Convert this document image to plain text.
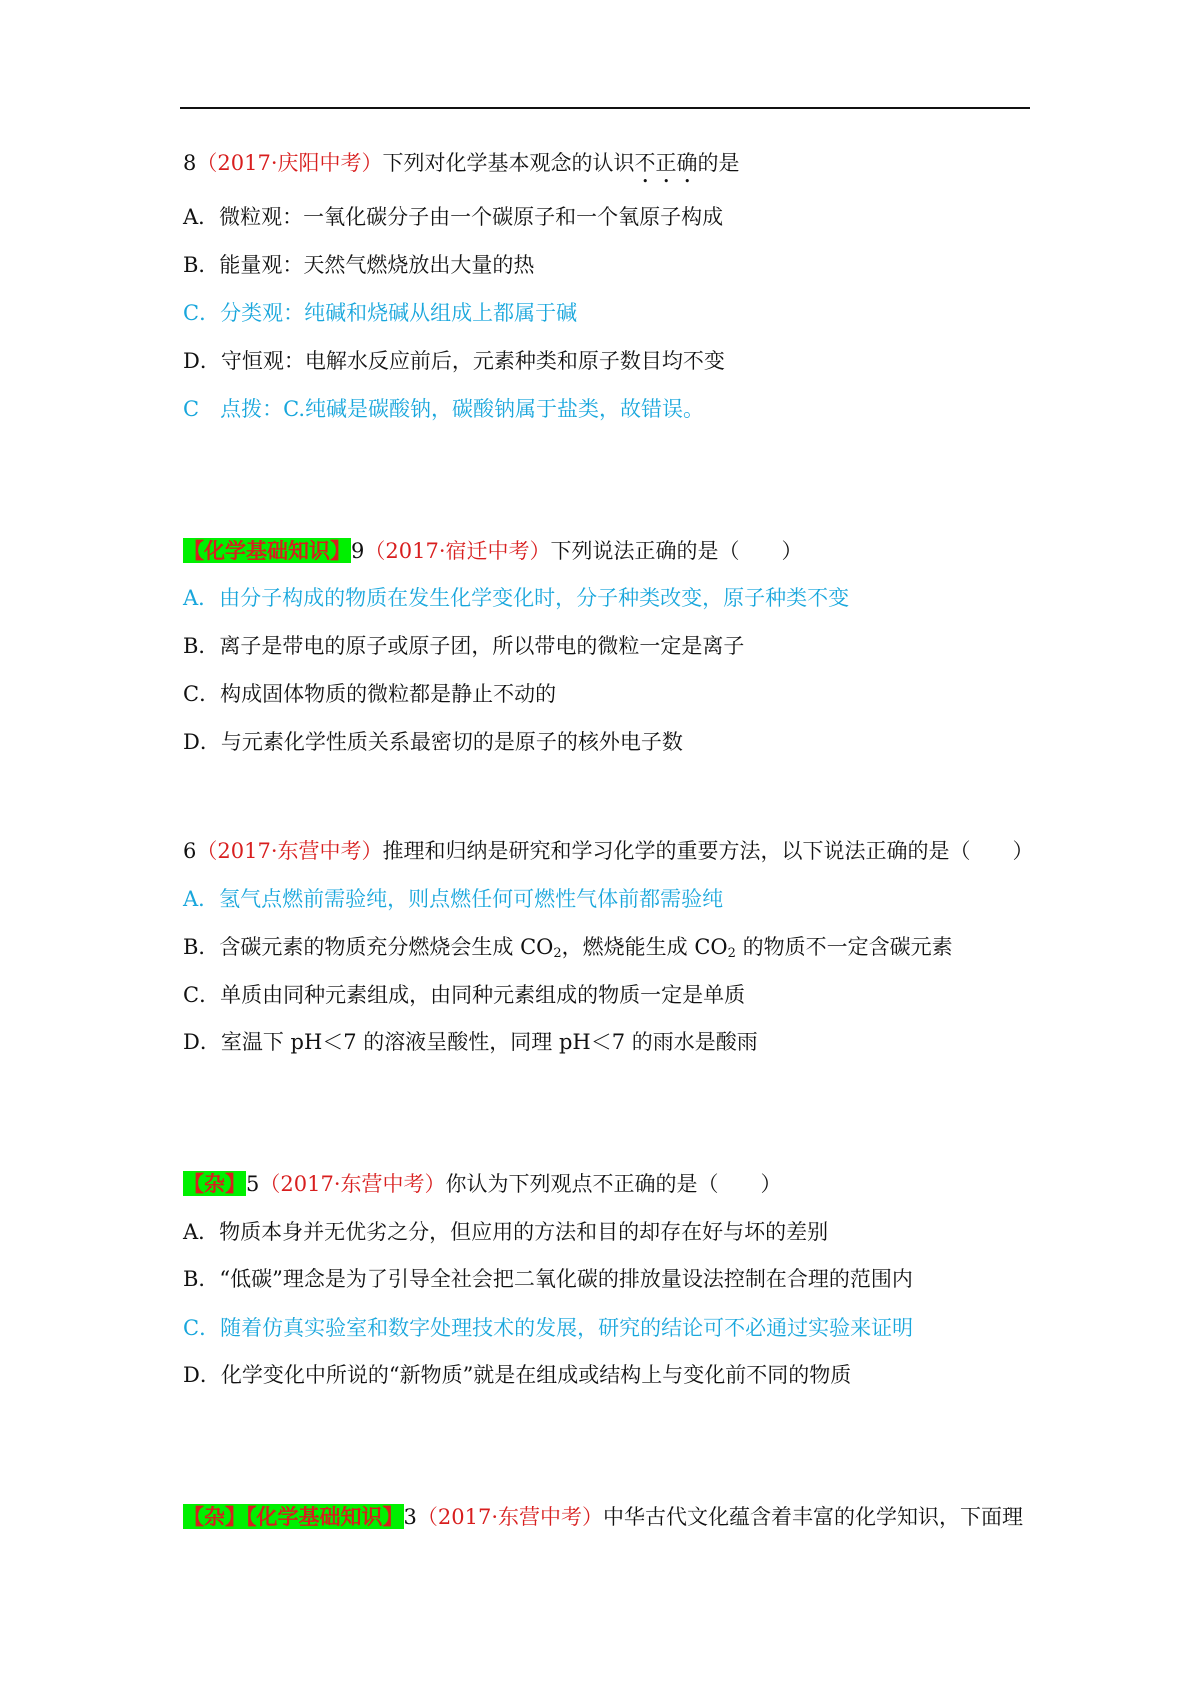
8（2017·庆阳中考）下列对化学基本观念的认识不正确的是
A．微粒观：一氧化碳分子由一个碳原子和一个氧原子构成
B．能量观：天然气燃烧放出大量的热
C．分类观：纯碱和烧碱从组成上都属于碱
D．守恒观：电解水反应前后，元素种类和原子数目均不变
C　点拨：C.纯碱是碳酸钠，碳酸钠属于盐类，故错误。
【化学基础知识】9（2017·宿迁中考）下列说法正确的是（　　）
A．由分子构成的物质在发生化学变化时，分子种类改变，原子种类不变
B．离子是带电的原子或原子团，所以带电的微粒一定是离子
C．构成固体物质的微粒都是静止不动的
D．与元素化学性质关系最密切的是原子的核外电子数
6（2017·东营中考）推理和归纳是研究和学习化学的重要方法，以下说法正确的是（　　）
A．氢气点燃前需验纯，则点燃任何可燃性气体前都需验纯
B．含碳元素的物质充分燃烧会生成 $CO_2$，燃烧能生成 $CO_2$ 的物质不一定含碳元素
C．单质由同种元素组成，由同种元素组成的物质一定是单质
D．室温下 pH＜7 的溶液呈酸性，同理 pH＜7 的雨水是酸雨
【杂】5（2017·东营中考）你认为下列观点不正确的是（　　）
A．物质本身并无优劣之分，但应用的方法和目的却存在好与坏的差别
B．“低碳”理念是为了引导全社会把二氧化碳的排放量设法控制在合理的范围内
C．随着仿真实验室和数字处理技术的发展，研究的结论可不必通过实验来证明
D．化学变化中所说的“新物质”就是在组成或结构上与变化前不同的物质
【杂】【化学基础知识】3（2017·东营中考）中华古代文化蕴含着丰富的化学知识，下面理
